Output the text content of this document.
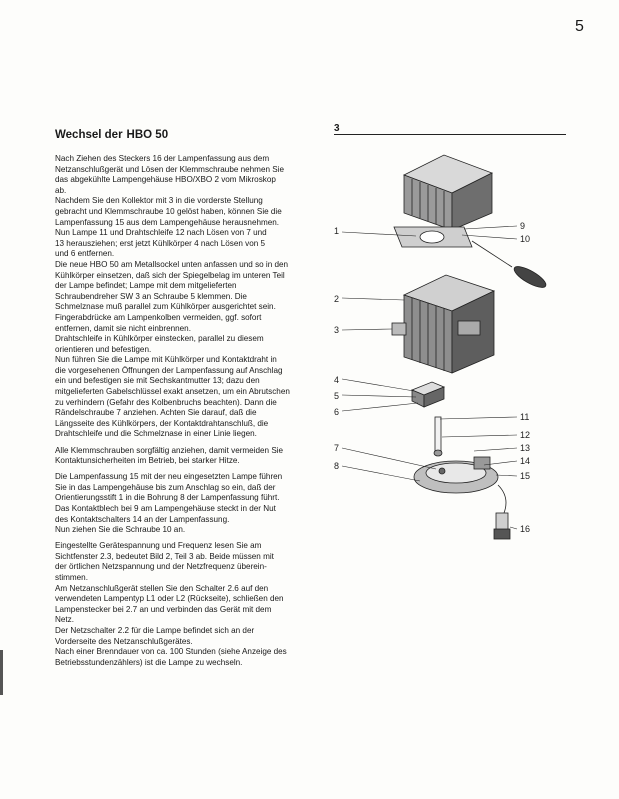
5
Wechsel der HBO 50

Nach Ziehen des Steckers 16 der Lampenfassung aus dem
Netzanschlußgerät und Lösen der Klemmschraube nehmen Sie
das abgekühlte Lampengehäuse HBO/XBO 2 vom Mikroskop
ab.
Nachdem Sie den Kollektor mit 3 in die vorderste Stellung
gebracht und Klemmschraube 10 gelöst haben, können Sie die
Lampenfassung 15 aus dem Lampengehäuse herausnehmen.
Nun Lampe 11 und Drahtschleife 12 nach Lösen von 7 und
13 herausziehen; erst jetzt Kühlkörper 4 nach Lösen von 5
und 6 entfernen.
Die neue HBO 50 am Metallsockel unten anfassen und so in den
Kühlkörper einsetzen, daß sich der Spiegelbelag im unteren Teil
der Lampe befindet; Lampe mit dem mitgelieferten
Schraubendreher SW 3 an Schraube 5 klemmen. Die
Schmelznase muß parallel zum Kühlkörper ausgerichtet sein.
Fingerabdrücke am Lampenkolben vermeiden, ggf. sofort
entfernen, damit sie nicht einbrennen.
Drahtschleife in Kühlkörper einstecken, parallel zu diesem
orientieren und befestigen.
Nun führen Sie die Lampe mit Kühlkörper und Kontaktdraht in
die vorgesehenen Öffnungen der Lampenfassung auf Anschlag
ein und befestigen sie mit Sechskantmutter 13; dazu den
mitgelieferten Gabelschlüssel exakt ansetzen, um ein Abrutschen
zu verhindern (Gefahr des Kolbenbruchs beachten). Dann die
Rändelschraube 7 anziehen. Achten Sie darauf, daß die
Längsseite des Kühlkörpers, der Kontaktdrahtanschluß, die
Drahtschleife und die Schmelznase in einer Linie liegen.

Alle Klemmschrauben sorgfältig anziehen, damit vermeiden Sie
Kontaktunsicherheiten im Betrieb, bei starker Hitze.

Die Lampenfassung 15 mit der neu eingesetzten Lampe führen
Sie in das Lampengehäuse bis zum Anschlag so ein, daß der
Orientierungsstift 1 in die Bohrung 8 der Lampenfassung führt.
Das Kontaktblech bei 9 am Lampengehäuse steckt in der Nut
des Kontaktschalters 14 an der Lampenfassung.
Nun ziehen Sie die Schraube 10 an.

Eingestellte Gerätespannung und Frequenz lesen Sie am
Sichtfenster 2.3, bedeutet Bild 2, Teil 3 ab. Beide müssen mit
der örtlichen Netzspannung und der Netzfrequenz überein-
stimmen.
Am Netzanschlußgerät stellen Sie den Schalter 2.6 auf den
verwendeten Lampentyp L1 oder L2 (Rückseite), schließen den
Lampenstecker bei 2.7 an und verbinden das Gerät mit dem
Netz.
Der Netzschalter 2.2 für die Lampe befindet sich an der
Vorderseite des Netzanschlußgerätes.
Nach einer Brenndauer von ca. 100 Stunden (siehe Anzeige des
Betriebsstundenzählers) ist die Lampe zu wechseln.

3
1	9
10
2
3
4
5
6	11
12
7	13
8	14
15
16
